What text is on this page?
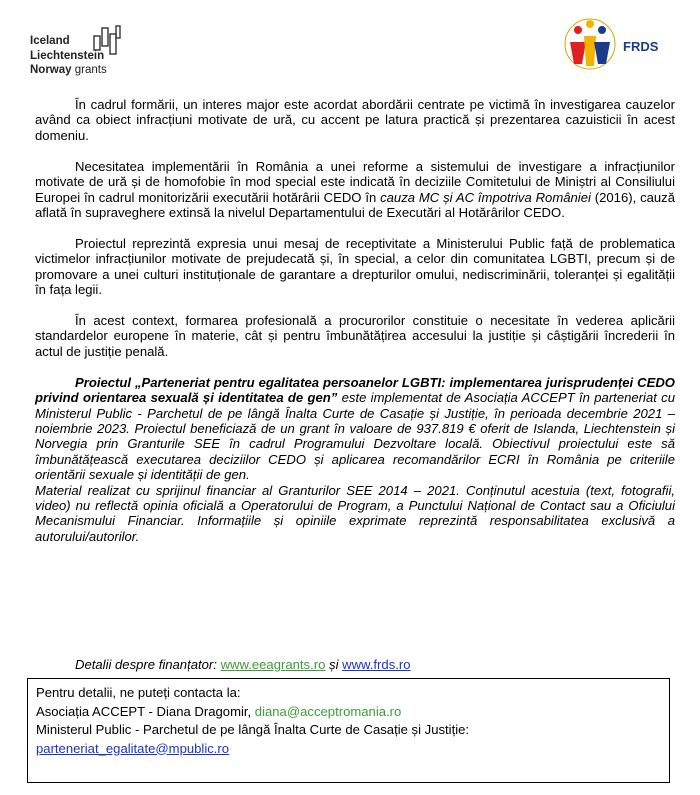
Iceland
Liechtenstein
Norway grants
FRDS

În cadrul formării, un interes major este acordat abordării centrate pe victimă în investigarea cauzelor având ca obiect infracțiuni motivate de ură, cu accent pe latura practică și prezentarea cazuisticii în acest domeniu.

Necesitatea implementării în România a unei reforme a sistemului de investigare a infracțiunilor motivate de ură și de homofobie în mod special este indicată în deciziile Comitetului de Miniștri al Consiliului Europei în cadrul monitorizării executării hotărârii CEDO în cauza MC și AC împotriva României (2016), cauză aflată în supraveghere extinsă la nivelul Departamentului de Executări al Hotărârilor CEDO.

Proiectul reprezintă expresia unui mesaj de receptivitate a Ministerului Public față de problematica victimelor infracțiunilor motivate de prejudecată și, în special, a celor din comunitatea LGBTI, precum și de promovare a unei culturi instituționale de garantare a drepturilor omului, nediscriminării, toleranței și egalității în fața legii.

În acest context, formarea profesională a procurorilor constituie o necesitate în vederea aplicării standardelor europene în materie, cât și pentru îmbunătățirea accesului la justiție și câștigării încrederii în actul de justiție penală.

Proiectul „Parteneriat pentru egalitatea persoanelor LGBTI: implementarea jurisprudenței CEDO privind orientarea sexuală și identitatea de gen” este implementat de Asociația ACCEPT în parteneriat cu Ministerul Public - Parchetul de pe lângă Înalta Curte de Casație și Justiție, în perioada decembrie 2021 – noiembrie 2023. Proiectul beneficiază de un grant în valoare de 937.819 € oferit de Islanda, Liechtenstein și Norvegia prin Granturile SEE în cadrul Programului Dezvoltare locală. Obiectivul proiectului este să îmbunătățească executarea deciziilor CEDO și aplicarea recomandărilor ECRI în România pe criteriile orientării sexuale și identității de gen.

Material realizat cu sprijinul financiar al Granturilor SEE 2014 – 2021. Conținutul acestuia (text, fotografii, video) nu reflectă opinia oficială a Operatorului de Program, a Punctului Național de Contact sau a Oficiului Mecanismului Financiar. Informațiile și opiniile exprimate reprezintă responsabilitatea exclusivă a autorului/autorilor.

Detalii despre finanțator: www.eeagrants.ro și www.frds.ro
Pentru detalii, ne puteți contacta la:
Asociația ACCEPT - Diana Dragomir, diana@acceptromania.ro
Ministerul Public - Parchetul de pe lângă Înalta Curte de Casație și Justiție:
parteneriat_egalitate@mpublic.ro
